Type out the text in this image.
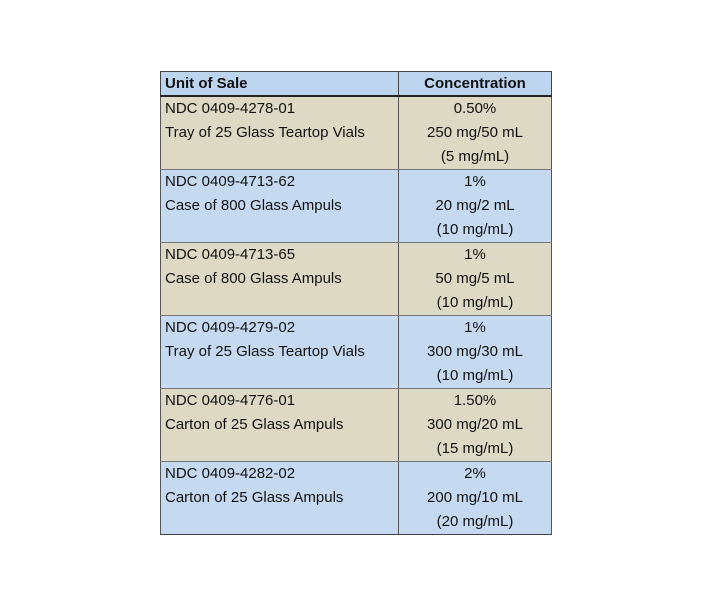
Unit of Sale	Concentration

NDC 0409-4278-01
Tray of 25 Glass Teartop Vials	0.50%
250 mg/50 mL
(5 mg/mL)

NDC 0409-4713-62
Case of 800 Glass Ampuls	1%
20 mg/2 mL
(10 mg/mL)

NDC 0409-4713-65
Case of 800 Glass Ampuls	1%
50 mg/5 mL
(10 mg/mL)

NDC 0409-4279-02
Tray of 25 Glass Teartop Vials	1%
300 mg/30 mL
(10 mg/mL)

NDC 0409-4776-01
Carton of 25 Glass Ampuls	1.50%
300 mg/20 mL
(15 mg/mL)

NDC 0409-4282-02
Carton of 25 Glass Ampuls	2%
200 mg/10 mL
(20 mg/mL)
